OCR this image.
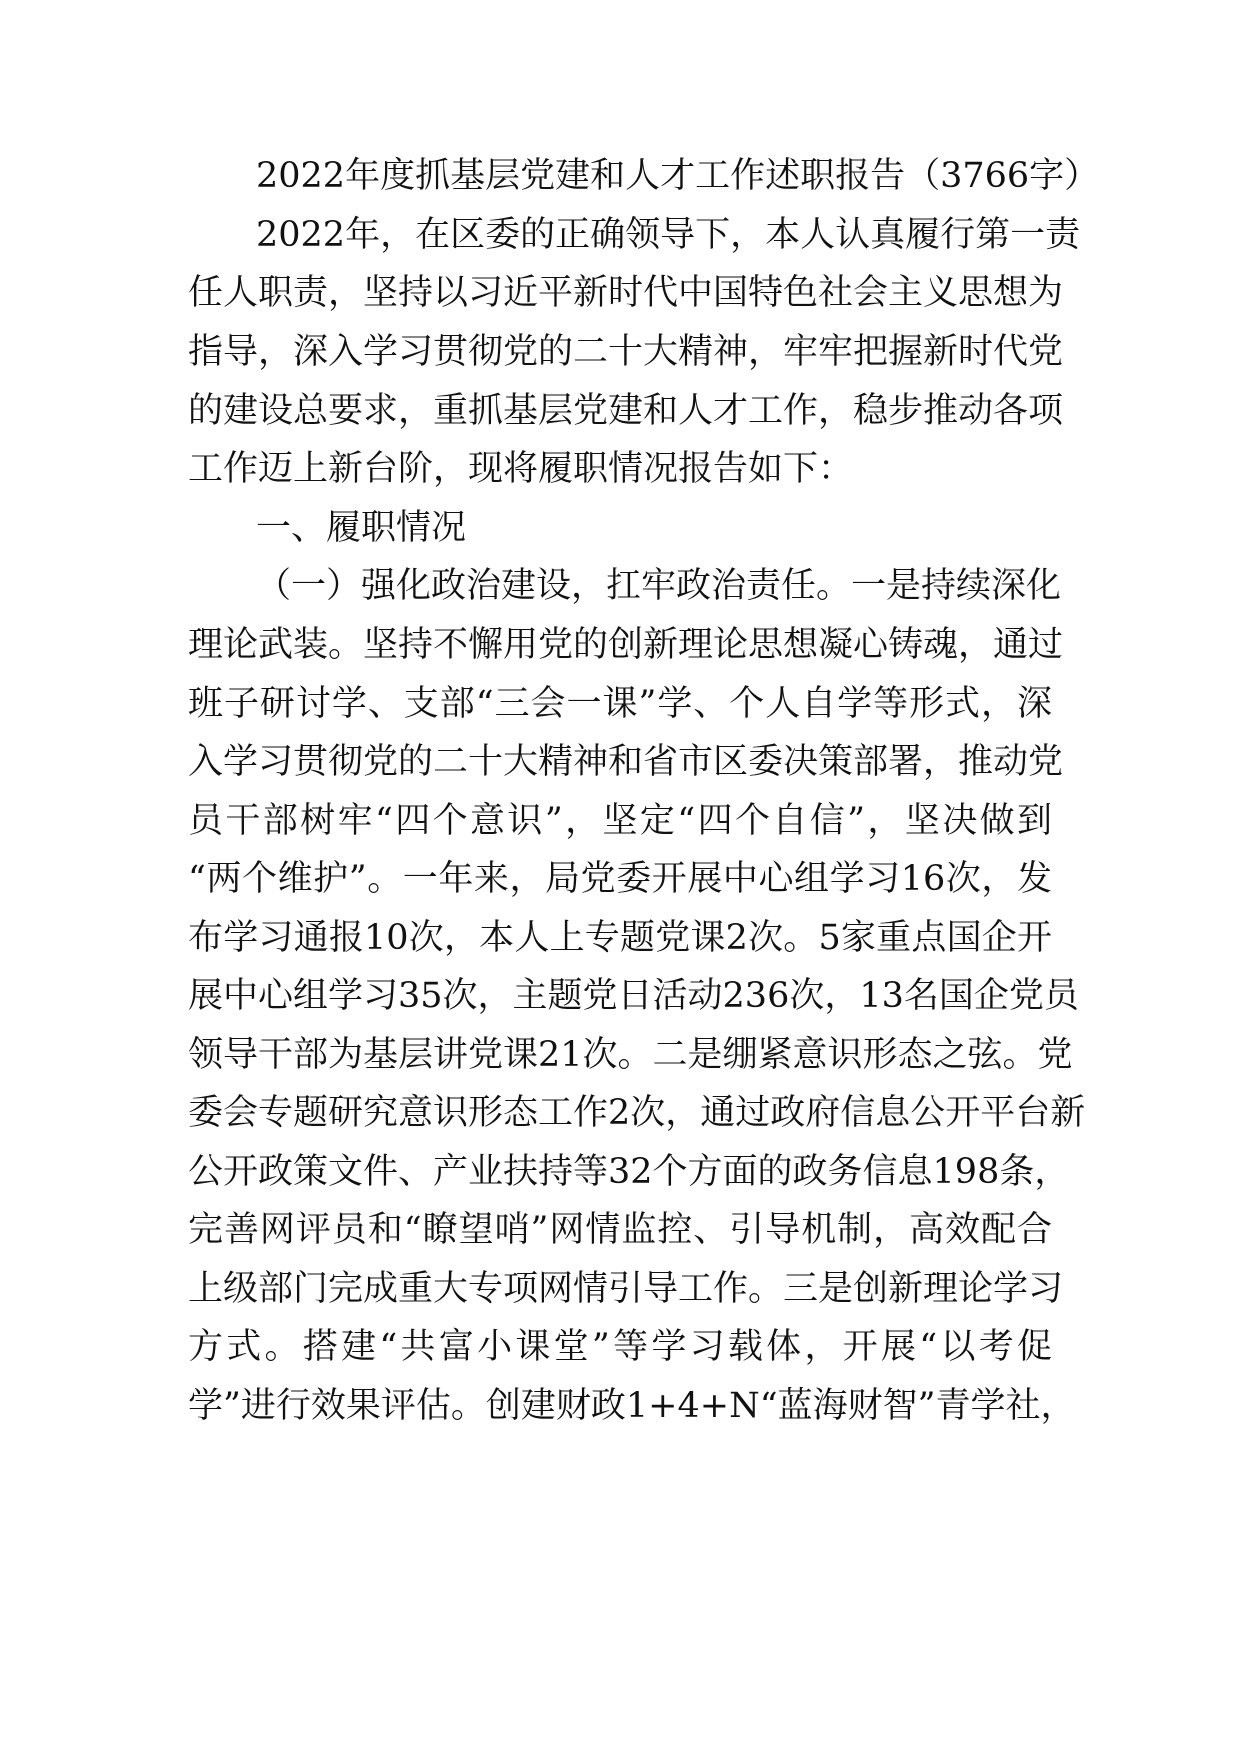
2022年度抓基层党建和人才工作述职报告（3766字）
2022年，在区委的正确领导下，本人认真履行第一责
任人职责，坚持以习近平新时代中国特色社会主义思想为
指导，深入学习贯彻党的二十大精神，牢牢把握新时代党
的建设总要求，重抓基层党建和人才工作，稳步推动各项
工作迈上新台阶，现将履职情况报告如下：
一、履职情况
（一）强化政治建设，扛牢政治责任。一是持续深化
理论武装。坚持不懈用党的创新理论思想凝心铸魂，通过
班子研讨学、支部“三会一课”学、个人自学等形式，深
入学习贯彻党的二十大精神和省市区委决策部署，推动党
员干部树牢“四个意识”，坚定“四个自信”，坚决做到
“两个维护”。一年来，局党委开展中心组学习16次，发
布学习通报10次，本人上专题党课2次。5家重点国企开
展中心组学习35次，主题党日活动236次，13名国企党员
领导干部为基层讲党课21次。二是绷紧意识形态之弦。党
委会专题研究意识形态工作2次，通过政府信息公开平台新
公开政策文件、产业扶持等32个方面的政务信息198条，
完善网评员和“瞭望哨”网情监控、引导机制，高效配合
上级部门完成重大专项网情引导工作。三是创新理论学习
方式。搭建“共富小课堂”等学习载体，开展“以考促
学”进行效果评估。创建财政1+4+N“蓝海财智”青学社，
